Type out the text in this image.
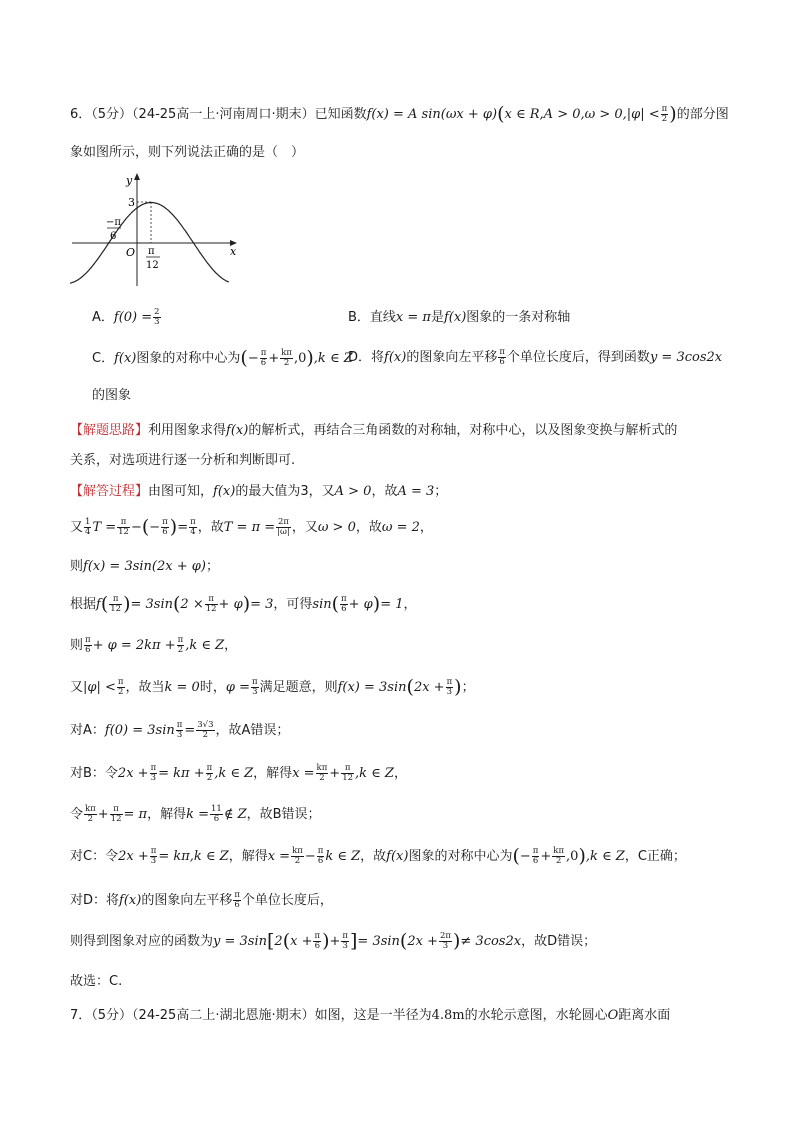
6．（5分）（24-25高一上·河南周口·期末）已知函数f(x) = A sin(ωx + φ)(x ∈ $R,A > 0,\omega > 0,|\varphi| < \frac{\pi}{2}$ )的部分图
象如图所示，则下列说法正确的是（　）
y
x
O
3
−π
6
π
12
A．$f(0) = \frac{2}{3}$	B．直线x = π是f(x)图象的一条对称轴
C．f(x)图象的对称中心为(− $\frac{\pi}{6} + \frac{k\pi}{2} ,0),k$ ∈ Z
D．将f(x)的图象向左平移 $\frac{\pi}{6}$ 个单位长度后，得到函数y = 3cos2x
的图象
【解题思路】利用图象求得f(x)的解析式，再结合三角函数的对称轴，对称中心，以及图象变换与解析式的
关系，对选项进行逐一分析和判断即可.
【解答过程】由图可知，f(x)的最大值为3，又A > 0，故A = 3；
又 $\frac{1}{4}$ $T = \frac{\pi}{12}$ −(− $\frac{\pi}{6}$ )= $\frac{\pi}{4}$ ，故$T = \pi = \frac{2\pi}{|\omega|}$ ，又ω > 0，故ω = 2，
则f(x) = 3sin(2x + φ)；
根据$f( \frac{\pi}{12}$ )= $3\sin(2 \times \frac{\pi}{12} + \varphi)= 3$，可得$\sin( \frac{\pi}{6} + \varphi)= 1$，
则 $\frac{\pi}{6} + \varphi = 2k\pi + \frac{\pi}{2} ,k$ ∈ Z，
又$|\varphi| < \frac{\pi}{2}$ ，故当k = 0时，$\varphi = \frac{\pi}{3}$ 满足题意，则$f(x) = 3\sin(2x + \frac{\pi}{3}$ )；
对A：$f(0) = 3\sin \frac{\pi}{3} = \frac{3√3}{2}$ ，故A错误；
对B：令$2x + \frac{\pi}{3} = k\pi + \frac{\pi}{2} ,k$ ∈ Z，解得$x = \frac{k\pi}{2} + \frac{\pi}{12} ,k$ ∈ Z，
令 $\frac{k\pi}{2} + \frac{\pi}{12} = \pi$，解得$k = \frac{11}{6}$ ∉ Z，故B错误；
对C：令$2x + \frac{\pi}{3} = k\pi,k$ ∈ Z，解得$x = \frac{k\pi}{2} - \frac{\pi}{6}$ k ∈ Z，故f(x)图象的对称中心为(− $\frac{\pi}{6} + \frac{k\pi}{2} ,0),k$ ∈ Z，C正确；
对D：将f(x)的图象向左平移 $\frac{\pi}{6}$ 个单位长度后，
则得到图象对应的函数为$y = 3\sin[2(x + \frac{\pi}{6}$ )+ $\frac{\pi}{3}$ ]= $3\sin(2x + \frac{2\pi}{3}$ )≠ 3cos2x，故D错误；
故选：C.
7．（5分）（24-25高二上·湖北恩施·期末）如图，这是一半径为4.8m的水轮示意图，水轮圆心O距离水面
